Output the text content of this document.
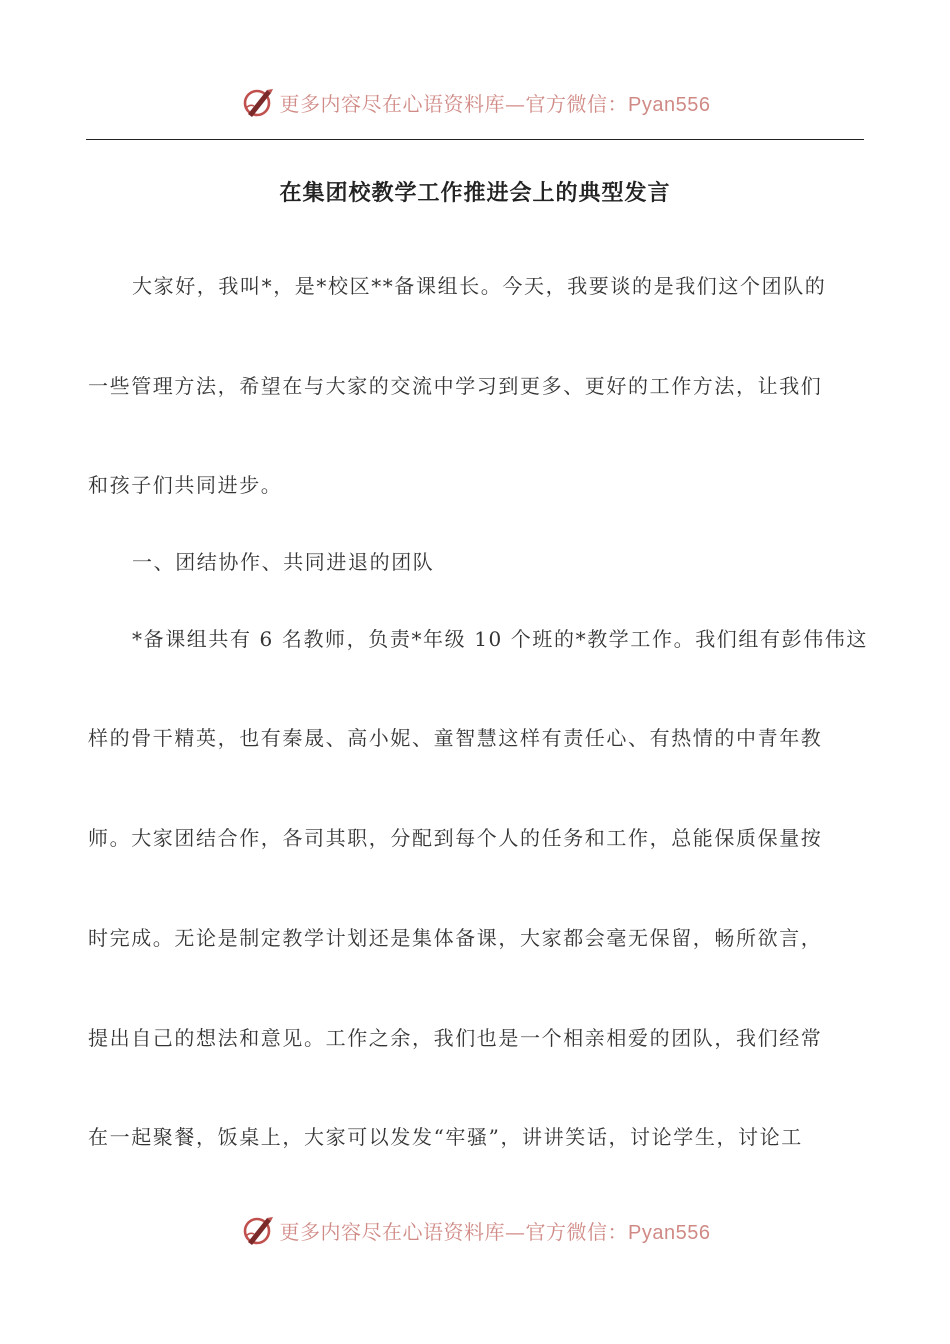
更多内容尽在心语资料库—官方微信：Pyan556
在集团校教学工作推进会上的典型发言
大家好，我叫*，是*校区**备课组长。今天，我要谈的是我们这个团队的
一些管理方法，希望在与大家的交流中学习到更多、更好的工作方法，让我们
和孩子们共同进步。
一、团结协作、共同进退的团队
*备课组共有 6 名教师，负责*年级 10 个班的*教学工作。我们组有彭伟伟这
样的骨干精英，也有秦晟、高小妮、童智慧这样有责任心、有热情的中青年教
师。大家团结合作，各司其职，分配到每个人的任务和工作，总能保质保量按
时完成。无论是制定教学计划还是集体备课，大家都会毫无保留，畅所欲言，
提出自己的想法和意见。工作之余，我们也是一个相亲相爱的团队，我们经常
在一起聚餐，饭桌上，大家可以发发“牢骚”，讲讲笑话，讨论学生，讨论工
更多内容尽在心语资料库—官方微信：Pyan556
